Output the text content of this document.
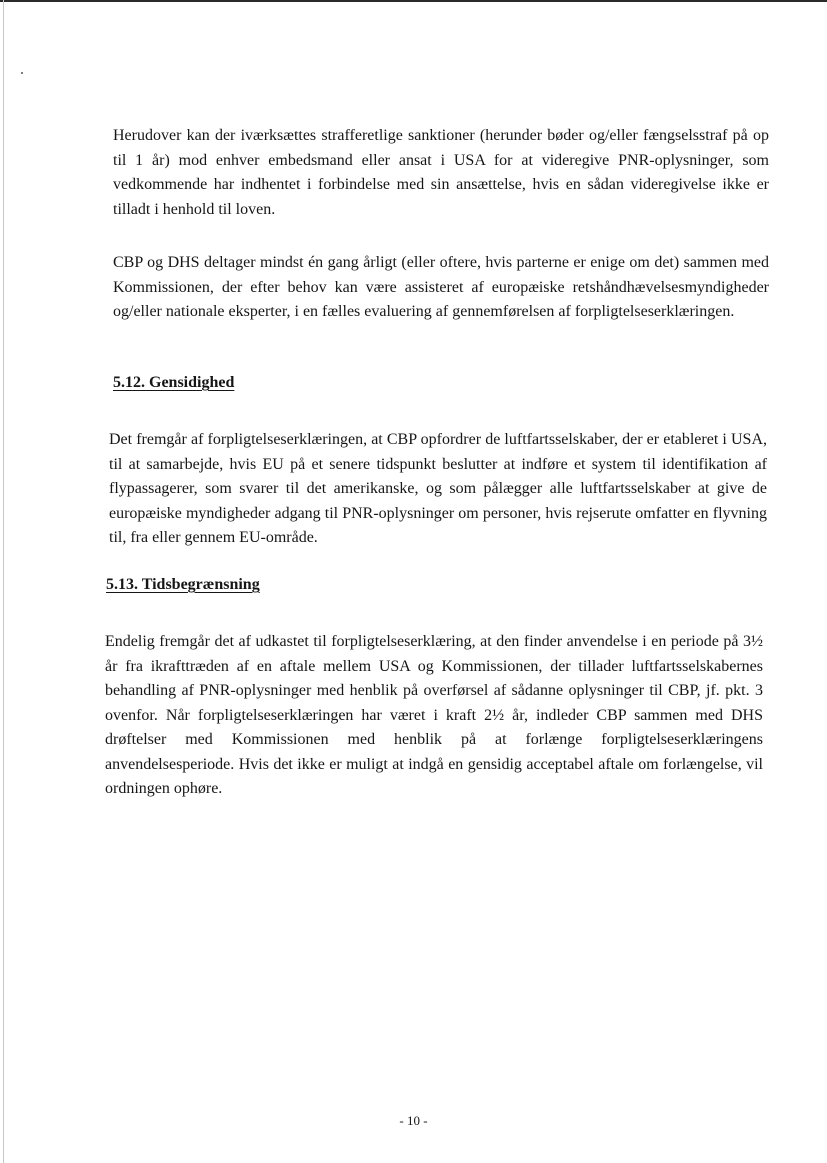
Herudover kan der iværksættes strafferetlige sanktioner (herunder bøder og/eller fængselsstraf på op til 1 år) mod enhver embedsmand eller ansat i USA for at videregive PNR-oplysninger, som vedkommende har indhentet i forbindelse med sin ansættelse, hvis en sådan videregivelse ikke er tilladt i henhold til loven.

CBP og DHS deltager mindst én gang årligt (eller oftere, hvis parterne er enige om det) sammen med Kommissionen, der efter behov kan være assisteret af europæiske retshåndhævelsesmyndigheder og/eller nationale eksperter, i en fælles evaluering af gennemførelsen af forpligtelseserklæringen.

5.12. Gensidighed

Det fremgår af forpligtelseserklæringen, at CBP opfordrer de luftfartsselskaber, der er etableret i USA, til at samarbejde, hvis EU på et senere tidspunkt beslutter at indføre et system til identifikation af flypassagerer, som svarer til det amerikanske, og som pålægger alle luftfartsselskaber at give de europæiske myndigheder adgang til PNR-oplysninger om personer, hvis rejserute omfatter en flyvning til, fra eller gennem EU-område.

5.13. Tidsbegrænsning

Endelig fremgår det af udkastet til forpligtelseserklæring, at den finder anvendelse i en periode på 3½ år fra ikrafttræden af en aftale mellem USA og Kommissionen, der tillader luftfartsselskabernes behandling af PNR-oplysninger med henblik på overførsel af sådanne oplysninger til CBP, jf. pkt. 3 ovenfor. Når forpligtelseserklæringen har været i kraft 2½ år, indleder CBP sammen med DHS drøftelser med Kommissionen med henblik på at forlænge forpligtelseserklæringens anvendelsesperiode. Hvis det ikke er muligt at indgå en gensidig acceptabel aftale om forlængelse, vil ordningen ophøre.

- 10 -
